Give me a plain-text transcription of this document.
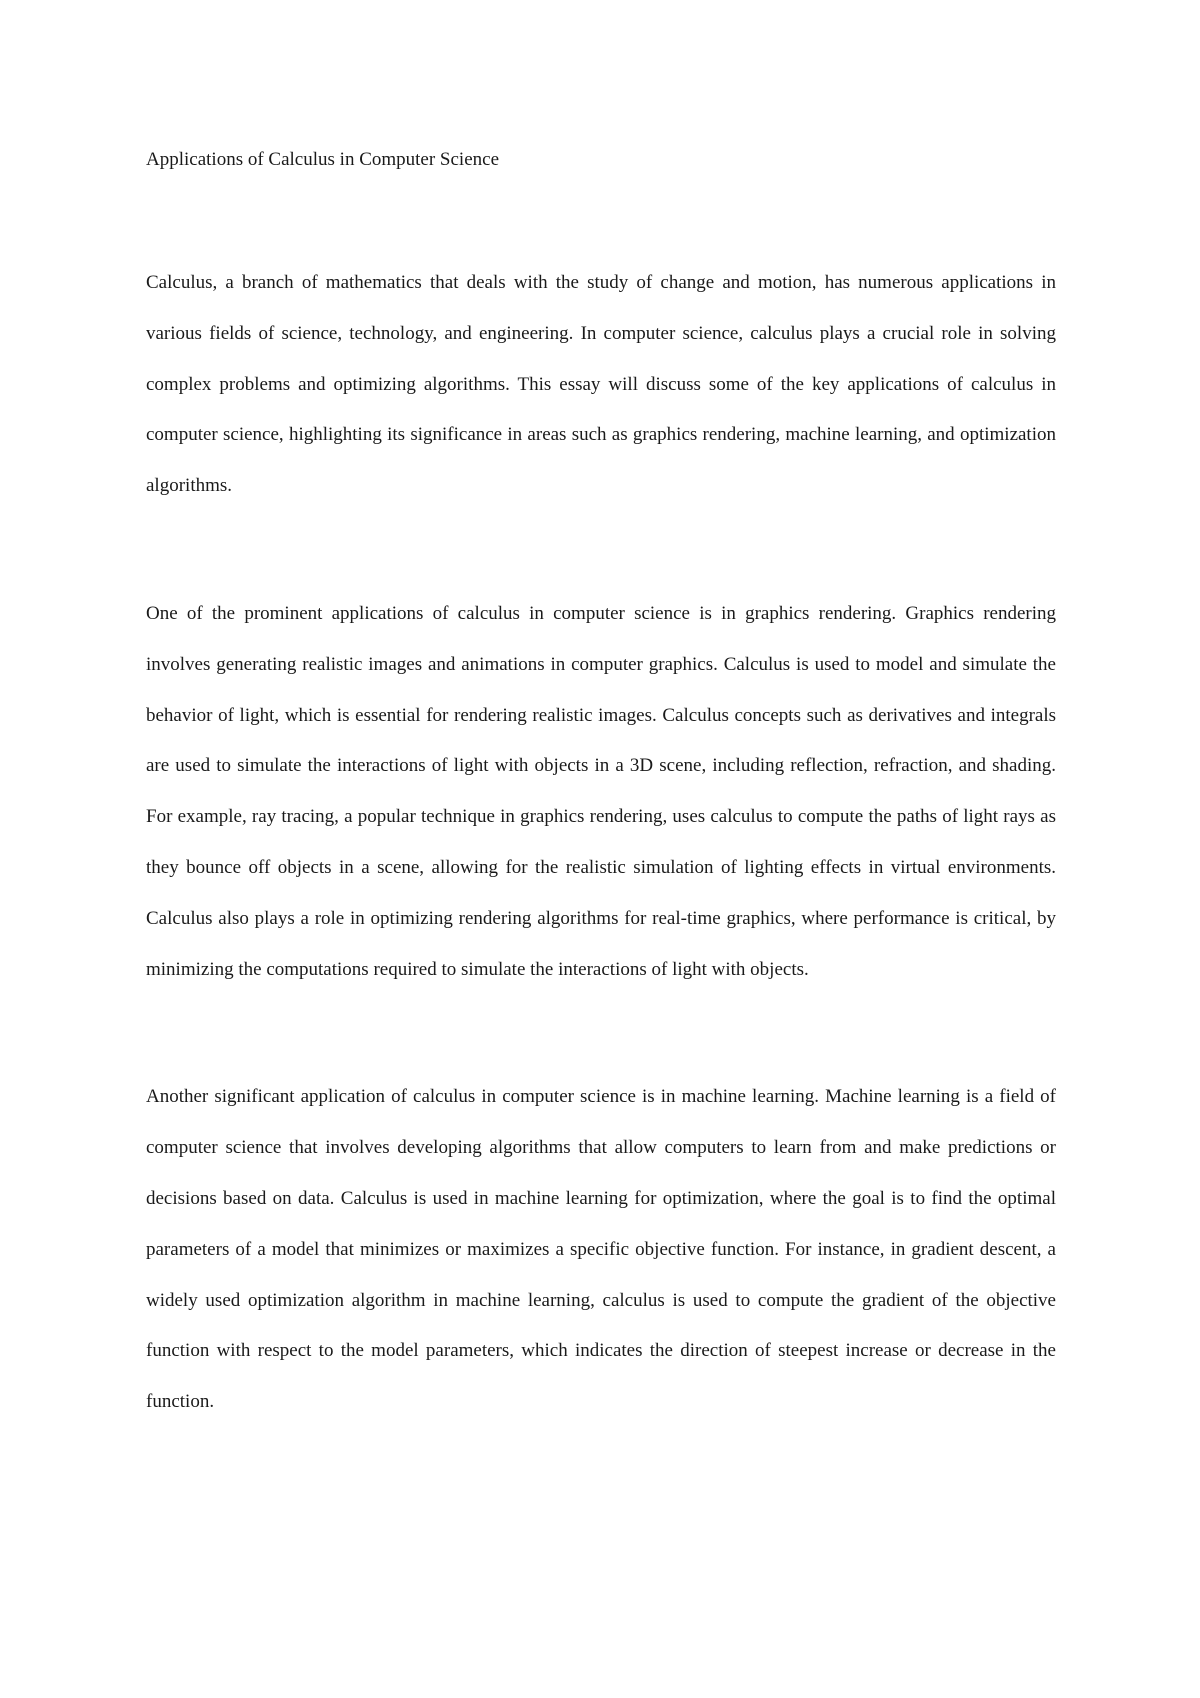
Applications of Calculus in Computer Science

Calculus, a branch of mathematics that deals with the study of change and motion, has numerous applications in various fields of science, technology, and engineering. In computer science, calculus plays a crucial role in solving complex problems and optimizing algorithms. This essay will discuss some of the key applications of calculus in computer science, highlighting its significance in areas such as graphics rendering, machine learning, and optimization algorithms.

One of the prominent applications of calculus in computer science is in graphics rendering. Graphics rendering involves generating realistic images and animations in computer graphics. Calculus is used to model and simulate the behavior of light, which is essential for rendering realistic images. Calculus concepts such as derivatives and integrals are used to simulate the interactions of light with objects in a 3D scene, including reflection, refraction, and shading. For example, ray tracing, a popular technique in graphics rendering, uses calculus to compute the paths of light rays as they bounce off objects in a scene, allowing for the realistic simulation of lighting effects in virtual environments. Calculus also plays a role in optimizing rendering algorithms for real-time graphics, where performance is critical, by minimizing the computations required to simulate the interactions of light with objects.

Another significant application of calculus in computer science is in machine learning. Machine learning is a field of computer science that involves developing algorithms that allow computers to learn from and make predictions or decisions based on data. Calculus is used in machine learning for optimization, where the goal is to find the optimal parameters of a model that minimizes or maximizes a specific objective function. For instance, in gradient descent, a widely used optimization algorithm in machine learning, calculus is used to compute the gradient of the objective function with respect to the model parameters, which indicates the direction of steepest increase or decrease in the function.
